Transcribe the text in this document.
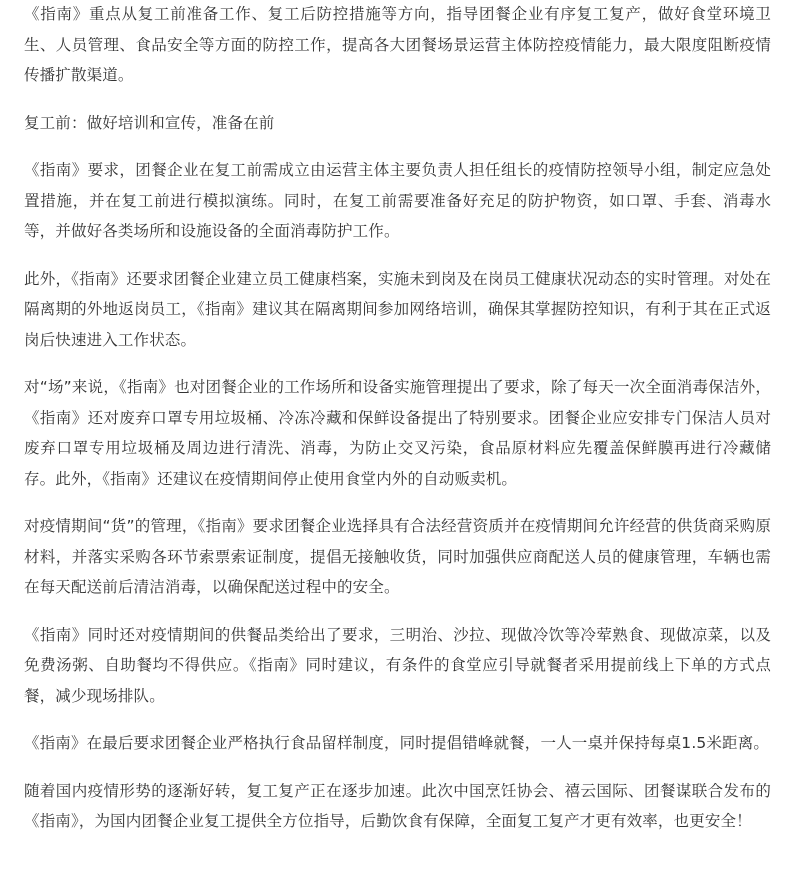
《指南》重点从复工前准备工作、复工后防控措施等方向，指导团餐企业有序复工复产，做好食堂环境卫生、人员管理、食品安全等方面的防控工作，提高各大团餐场景运营主体防控疫情能力，最大限度阻断疫情传播扩散渠道。

复工前：做好培训和宣传，准备在前

《指南》要求，团餐企业在复工前需成立由运营主体主要负责人担任组长的疫情防控领导小组，制定应急处置措施，并在复工前进行模拟演练。同时，在复工前需要准备好充足的防护物资，如口罩、手套、消毒水等，并做好各类场所和设施设备的全面消毒防护工作。

此外，《指南》还要求团餐企业建立员工健康档案，实施未到岗及在岗员工健康状况动态的实时管理。对处在隔离期的外地返岗员工，《指南》建议其在隔离期间参加网络培训，确保其掌握防控知识，有利于其在正式返岗后快速进入工作状态。

对“场”来说，《指南》也对团餐企业的工作场所和设备实施管理提出了要求，除了每天一次全面消毒保洁外，《指南》还对废弃口罩专用垃圾桶、冷冻冷藏和保鲜设备提出了特别要求。团餐企业应安排专门保洁人员对废弃口罩专用垃圾桶及周边进行清洗、消毒，为防止交叉污染，食品原材料应先覆盖保鲜膜再进行冷藏储存。此外，《指南》还建议在疫情期间停止使用食堂内外的自动贩卖机。

对疫情期间“货”的管理，《指南》要求团餐企业选择具有合法经营资质并在疫情期间允许经营的供货商采购原材料，并落实采购各环节索票索证制度，提倡无接触收货，同时加强供应商配送人员的健康管理，车辆也需在每天配送前后清洁消毒，以确保配送过程中的安全。

《指南》同时还对疫情期间的供餐品类给出了要求，三明治、沙拉、现做冷饮等冷荤熟食、现做凉菜，以及免费汤粥、自助餐均不得供应。《指南》同时建议，有条件的食堂应引导就餐者采用提前线上下单的方式点餐，减少现场排队。

《指南》在最后要求团餐企业严格执行食品留样制度，同时提倡错峰就餐，一人一桌并保持每桌1.5米距离。

随着国内疫情形势的逐渐好转，复工复产正在逐步加速。此次中国烹饪协会、禧云国际、团餐谋联合发布的《指南》，为国内团餐企业复工提供全方位指导，后勤饮食有保障，全面复工复产才更有效率，也更安全！
